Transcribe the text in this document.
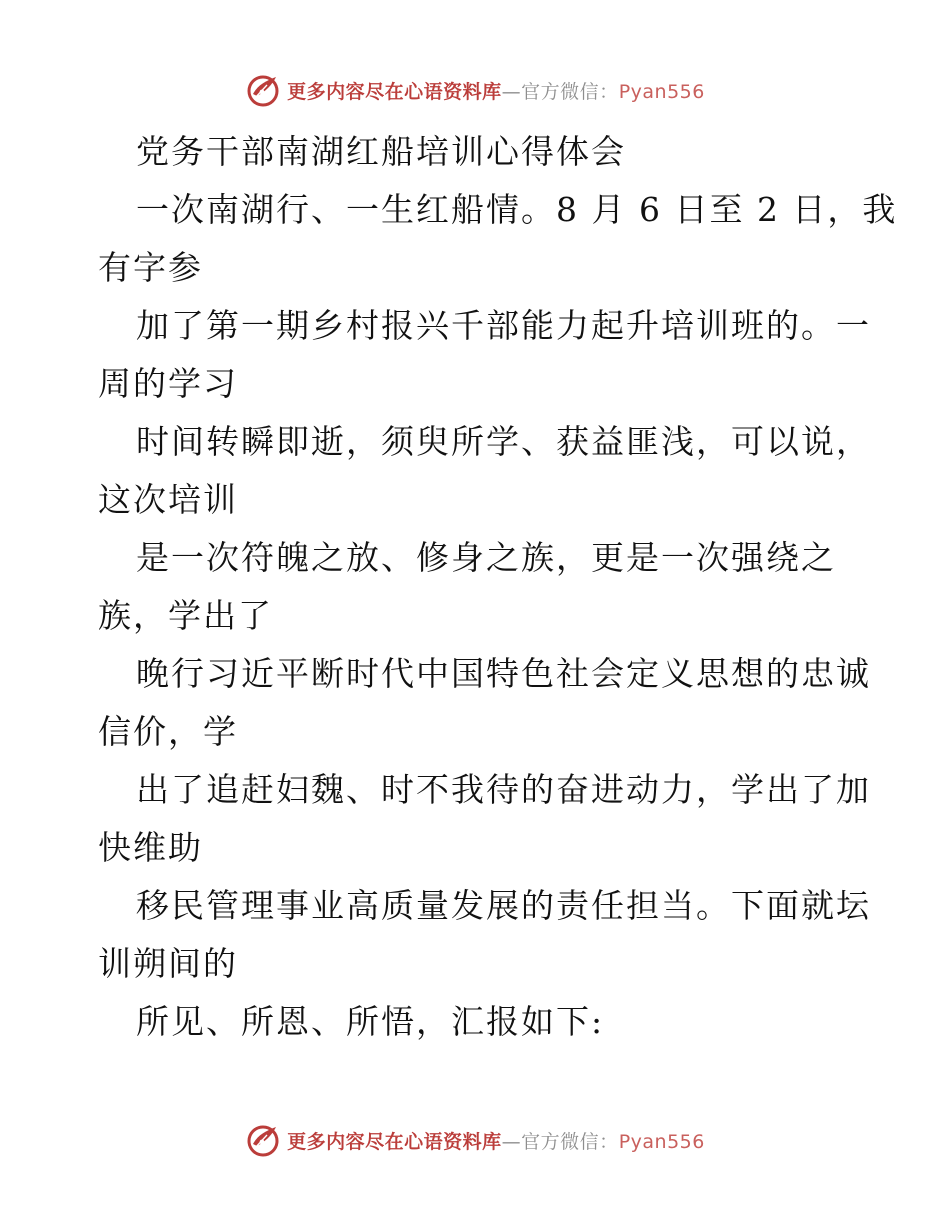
更多内容尽在心语资料库—官方微信：Pyan556
党务干部南湖红船培训心得体会
一次南湖行、一生红船情。8 月 6 日至 2 日，我
有字参
加了第一期乡村报兴千部能力起升培训班的。一
周的学习
时间转瞬即逝，须臾所学、获益匪浅，可以说，
这次培训
是一次符魄之放、修身之族，更是一次强绕之
族，学出了
晚行习近平断时代中国特色社会定义思想的忠诚
信价，学
出了追赶妇魏、时不我待的奋进动力，学出了加
快维助
移民管理事业高质量发展的责任担当。下面就坛
训朔间的
所见、所恩、所悟，汇报如下:
更多内容尽在心语资料库—官方微信：Pyan556
